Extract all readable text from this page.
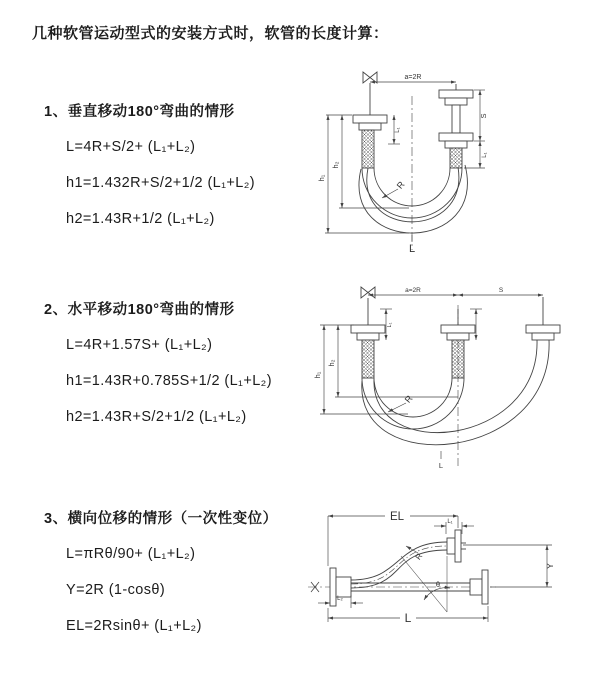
几种软管运动型式的安装方式时，软管的长度计算：
1、垂直移动180°弯曲的情形
L=4R+S/2+ (L₁+L₂)
h1=1.432R+S/2+1/2 (L₁+L₂)
h2=1.43R+1/2 (L₁+L₂)
2、水平移动180°弯曲的情形
L=4R+1.57S+ (L₁+L₂)
h1=1.43R+0.785S+1/2 (L₁+L₂)
h2=1.43R+S/2+1/2 (L₁+L₂)
3、横向位移的情形（一次性变位）
L=πRθ/90+ (L₁+L₂)
Y=2R (1-cosθ)
EL=2Rsinθ+ (L₁+L₂)
a=2R
h₁
h₂
L₁
S
L₁
R
L
a=2R	S
L₁
h₁
h₂
R
L
EL	L₁
Y
L
L₂
R
θ
